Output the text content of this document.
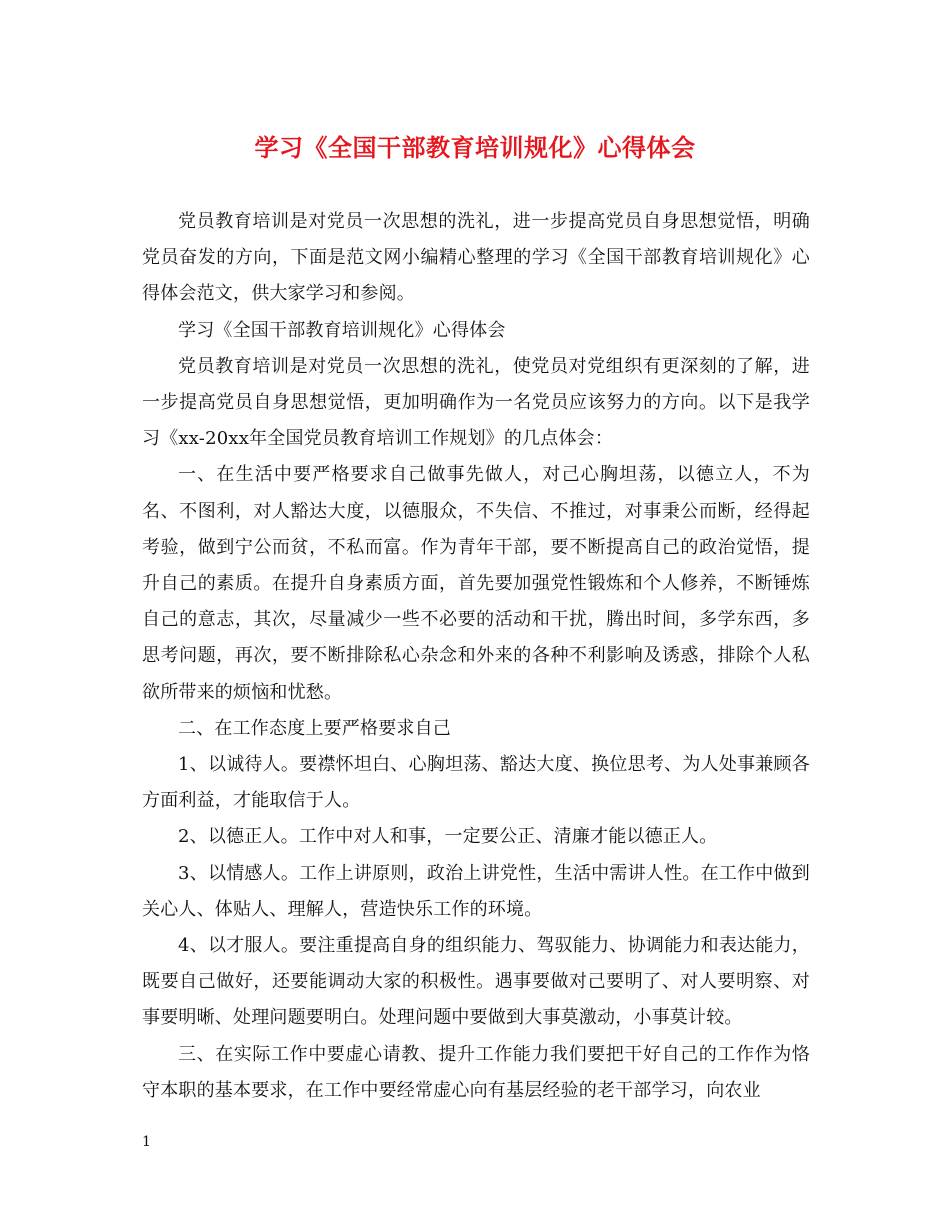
学习《全国干部教育培训规化》心得体会

党员教育培训是对党员一次思想的洗礼，进一步提高党员自身思想觉悟，明确党员奋发的方向，下面是范文网小编精心整理的学习《全国干部教育培训规化》心得体会范文，供大家学习和参阅。

学习《全国干部教育培训规化》心得体会

党员教育培训是对党员一次思想的洗礼，使党员对党组织有更深刻的了解，进一步提高党员自身思想觉悟，更加明确作为一名党员应该努力的方向。以下是我学习《xx-20xx年全国党员教育培训工作规划》的几点体会：

一、在生活中要严格要求自己做事先做人，对己心胸坦荡，以德立人，不为名、不图利，对人豁达大度，以德服众，不失信、不推过，对事秉公而断，经得起考验，做到宁公而贫，不私而富。作为青年干部，要不断提高自己的政治觉悟，提升自己的素质。在提升自身素质方面，首先要加强党性锻炼和个人修养，不断锤炼自己的意志，其次，尽量减少一些不必要的活动和干扰，腾出时间，多学东西，多思考问题，再次，要不断排除私心杂念和外来的各种不利影响及诱惑，排除个人私欲所带来的烦恼和忧愁。

二、在工作态度上要严格要求自己

1、以诚待人。要襟怀坦白、心胸坦荡、豁达大度、换位思考、为人处事兼顾各方面利益，才能取信于人。

2、以德正人。工作中对人和事，一定要公正、清廉才能以德正人。

3、以情感人。工作上讲原则，政治上讲党性，生活中需讲人性。在工作中做到关心人、体贴人、理解人，营造快乐工作的环境。

4、以才服人。要注重提高自身的组织能力、驾驭能力、协调能力和表达能力，既要自己做好，还要能调动大家的积极性。遇事要做对己要明了、对人要明察、对事要明晰、处理问题要明白。处理问题中要做到大事莫激动，小事莫计较。

三、在实际工作中要虚心请教、提升工作能力我们要把干好自己的工作作为恪守本职的基本要求，在工作中要经常虚心向有基层经验的老干部学习，向农业

1
